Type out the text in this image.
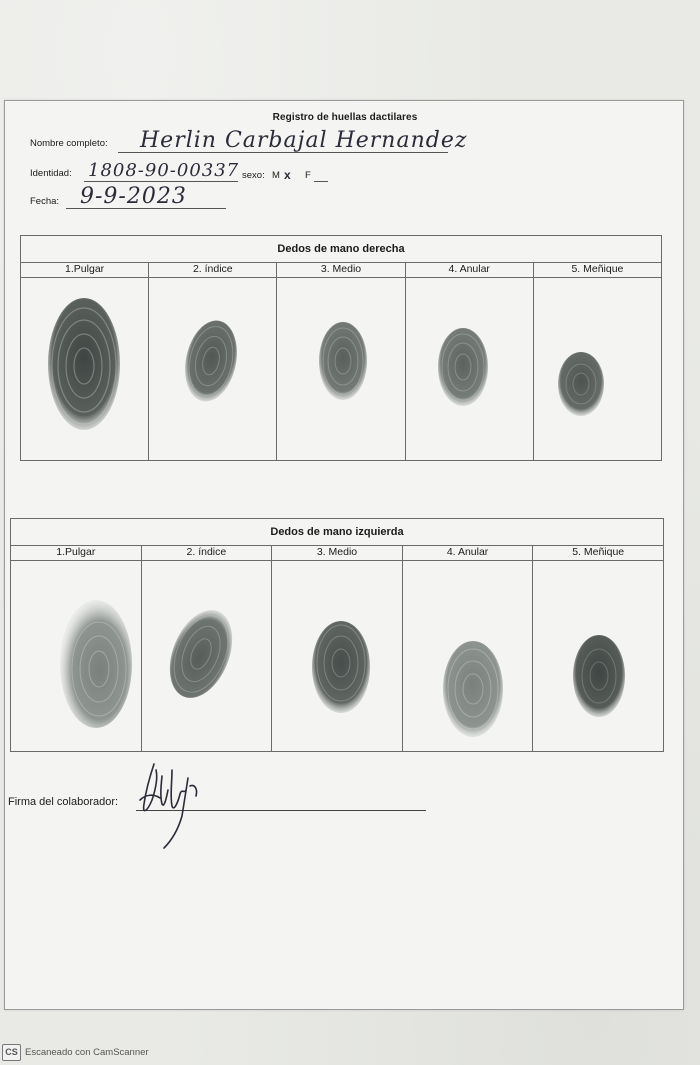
Registro de huellas dactilares
Nombre completo: Herlin Carbajal Hernandez
Identidad: 1808-90-00337 sexo: M x F
Fecha: 9-9-2023
Dedos de mano derecha
1.Pulgar	2. índice	3. Medio	4. Anular	5. Meñique
Dedos de mano izquierda
1.Pulgar	2. índice	3. Medio	4. Anular	5. Meñique
Firma del colaborador:
CS Escaneado con CamScanner
